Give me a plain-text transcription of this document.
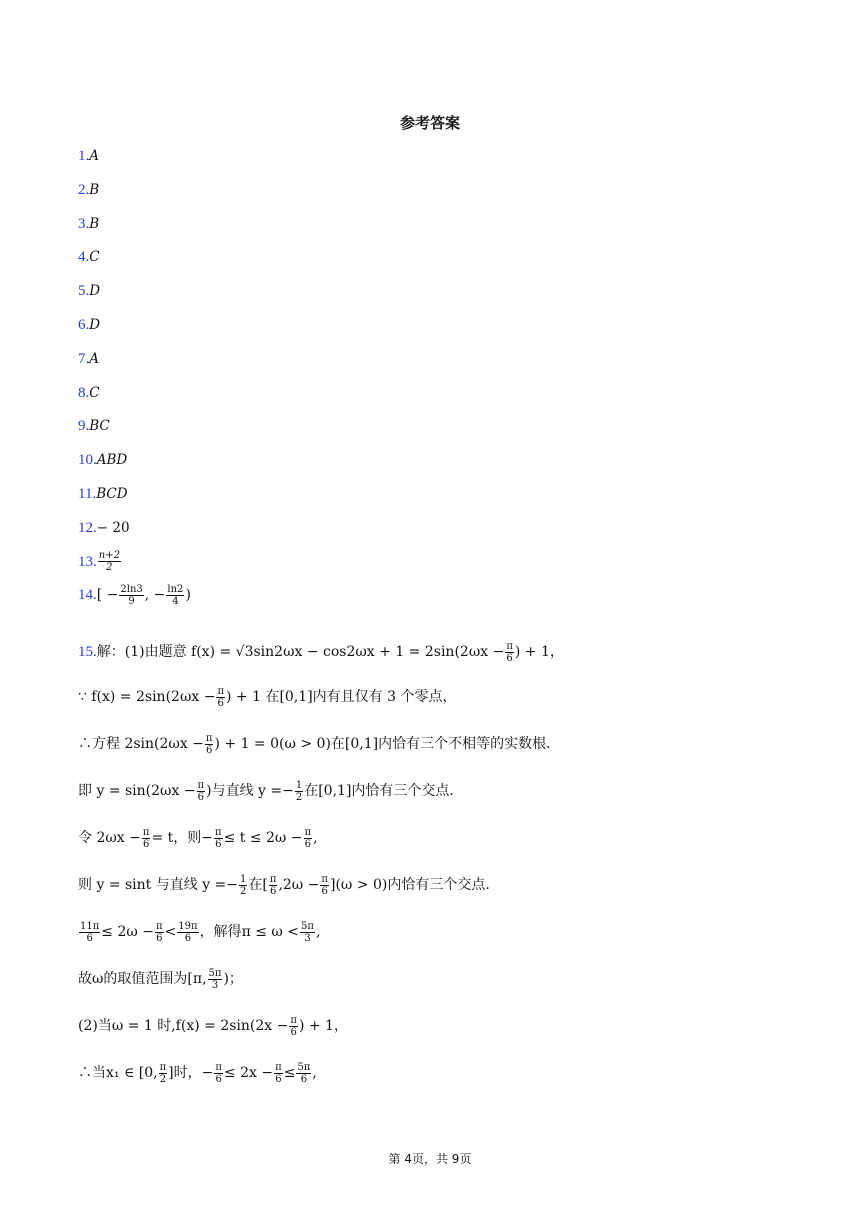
参考答案
1.A
2.B
3.B
4.C
5.D
6.D
7.A
8.C
9.BC
10.ABD
11.BCD
12.− 20
13. $\frac{n+2}{2}$
$14.[ - \frac{2\ln 3}{9}$ , − $\frac{\ln 2}{4}$ )
15.解：(1)由题意 $f(x) = √3\sin 2\omega x - \cos 2\omega x + 1 = 2\sin(2\omega x - \frac{\pi}{6}$ ) + 1，
∵ $f(x) = 2\sin(2\omega x - \frac{\pi}{6}$ ) + 1 在[0,1]内有且仅有 3 个零点，
∴方程 $2\sin(2\omega x - \frac{\pi}{6}$ ) + 1 = 0(ω > 0)在[0,1]内恰有三个不相等的实数根.
即 $y = \sin(2\omega x - \frac{\pi}{6}$ )与直线 $y =- \frac{1}{2}$ 在[0,1]内恰有三个交点.
令 $2\omega x - \frac{\pi}{6} = t$，则− $\frac{\pi}{6} \le t \le 2\omega - \frac{\pi}{6}$ ,
则 y = sint 与直线 $y =- \frac{1}{2}$ 在[ $\frac{\pi}{6} ,2\omega - \frac{\pi}{6} ](\omega > 0)$内恰有三个交点.
$\frac{11\pi}{6} \le 2\omega - \frac{\pi}{6} < \frac{19\pi}{6}$ ，解得$\pi \le \omega < \frac{5\pi}{3}$ ,
故ω的取值范围为[π, $\frac{5\pi}{3}$ )；
(2)当ω = 1 时$,f(x) = 2\sin(2x - \frac{\pi}{6}$ ) + 1，
∴当x₁ ∈ [0, $\frac{\pi}{2}$ ]时，− $\frac{\pi}{6} \le 2x - \frac{\pi}{6} \le \frac{5\pi}{6}$ ,
第 4页，共 9页
